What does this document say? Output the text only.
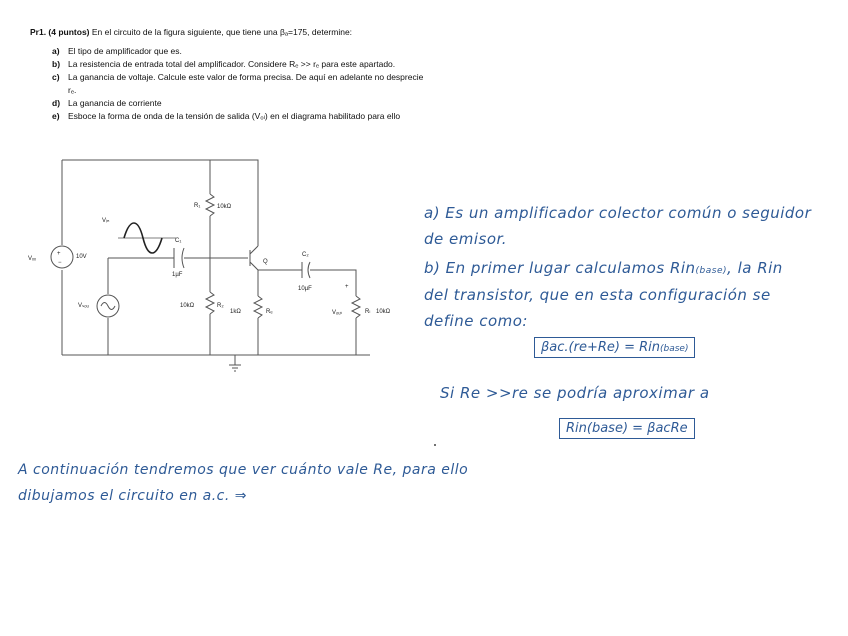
Pr1. (4 puntos) En el circuito de la figura siguiente, que tiene una βₐ=175, determine:
a) El tipo de amplificador que es.
b) La resistencia de entrada total del amplificador. Considere Rₑ >> rₑ para este apartado.
c) La ganancia de voltaje. Calcule este valor de forma precisa. De aquí en adelante no desprecie
rₑ.
d) La ganancia de corriente
e) Esboce la forma de onda de la tensión de salida (Vₒₗ) en el diagrama habilitado para ello
+
−
Vₓₓ	10V
Vᵢₙ
Vₛₒᵤ
C₁
1µF
R₁	10kΩ
10kΩ	R₂
1kΩ	Rₑ
Q
C₂
10µF	+
Vₒᵤₜ	Rₗ 10kΩ
a) Es un amplificador colector común o seguidor
de emisor.
b) En primer lugar calculamos Rin(base), la Rin
del transistor, que en esta configuración se
define como:
βac.(re+Re) = Rin(base)
Si Re >>re se podría aproximar a
Rin(base) = βacRe
A continuación tendremos que ver cuánto vale Re, para ello
dibujamos el circuito en a.c. ⇒
